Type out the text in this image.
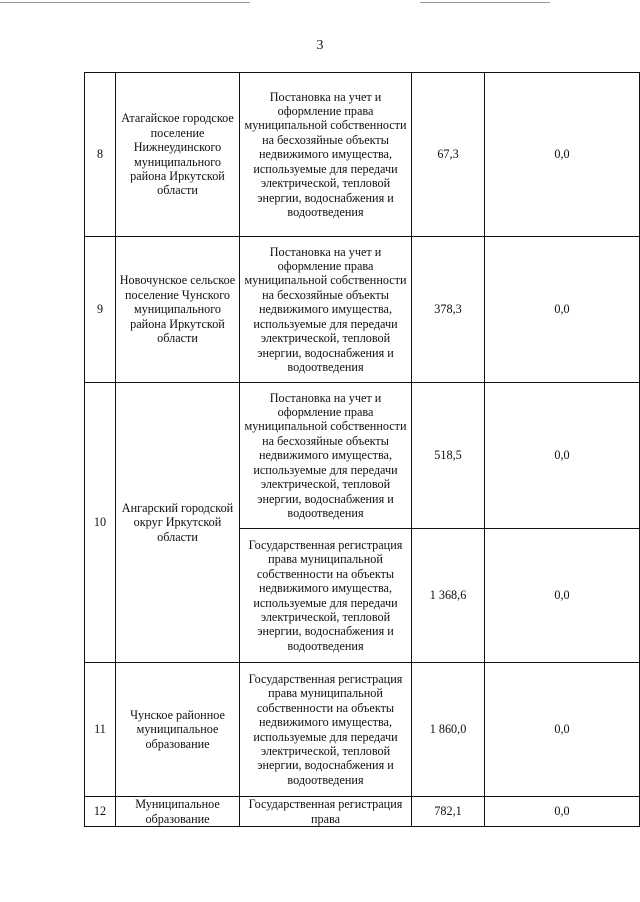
3
8	Атагайское городское поселение Нижнеудинского муниципального района Иркутской области	Постановка на учет и оформление права муниципальной собственности на бесхозяйные объекты недвижимого имущества, используемые для передачи электрической, тепловой энергии, водоснабжения и водоотведения	67,3	0,0
9	Новочунское сельское поселение Чунского муниципального района Иркутской области	Постановка на учет и оформление права муниципальной собственности на бесхозяйные объекты недвижимого имущества, используемые для передачи электрической, тепловой энергии, водоснабжения и водоотведения	378,3	0,0
10	Ангарский городской округ Иркутской области	Постановка на учет и оформление права муниципальной собственности на бесхозяйные объекты недвижимого имущества, используемые для передачи электрической, тепловой энергии, водоснабжения и водоотведения	518,5	0,0
		Государственная регистрация права муниципальной собственности на объекты недвижимого имущества, используемые для передачи электрической, тепловой энергии, водоснабжения и водоотведения	1 368,6	0,0
11	Чунское районное муниципальное образование	Государственная регистрация права муниципальной собственности на объекты недвижимого имущества, используемые для передачи электрической, тепловой энергии, водоснабжения и водоотведения	1 860,0	0,0
12	Муниципальное образование	Государственная регистрация права	782,1	0,0
